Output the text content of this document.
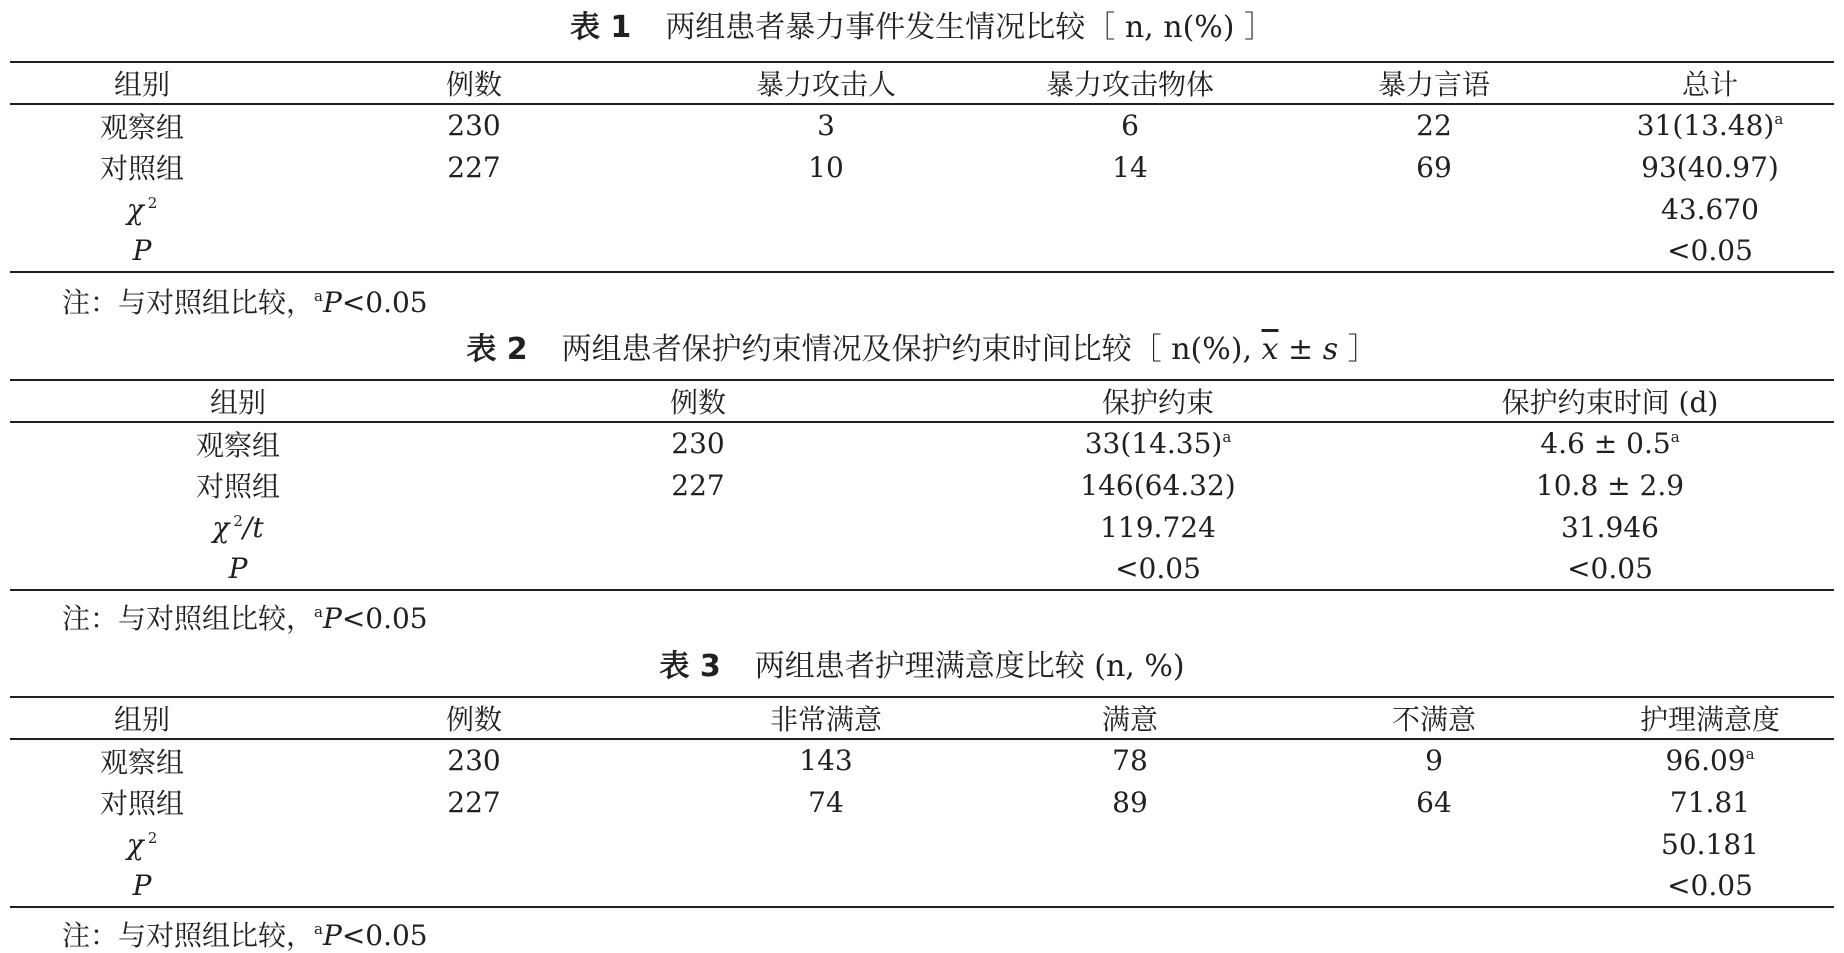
表 1 两组患者暴力事件发生情况比较［ n, n(%) ］
组别	例数	暴力攻击人	暴力攻击物体	暴力言语	总计
观察组	230	3	6	22	$31(13.48)^a$
对照组	227	10	14	69	93(40.97)
χ $^2$					43.670
P					<0.05
注：与对照组比较，$^a$P<0.05
表 2 两组患者保护约束情况及保护约束时间比较［ n(%), $\overline{x} \pm s$ ］
组别	例数	保护约束	保护约束时间 (d)
观察组	230	$33(14.35)^a$	4.6 ± 0.5$^a$
对照组	227	146(64.32)	10.8 ± 2.9
χ $^2$/t		119.724	31.946
P		<0.05	<0.05
注：与对照组比较，$^a$P<0.05
表 3 两组患者护理满意度比较 (n, %)
组别	例数	非常满意	满意	不满意	护理满意度
观察组	230	143	78	9	96.09$^a$
对照组	227	74	89	64	71.81
χ $^2$					50.181
P					<0.05
注：与对照组比较，$^a$P<0.05
